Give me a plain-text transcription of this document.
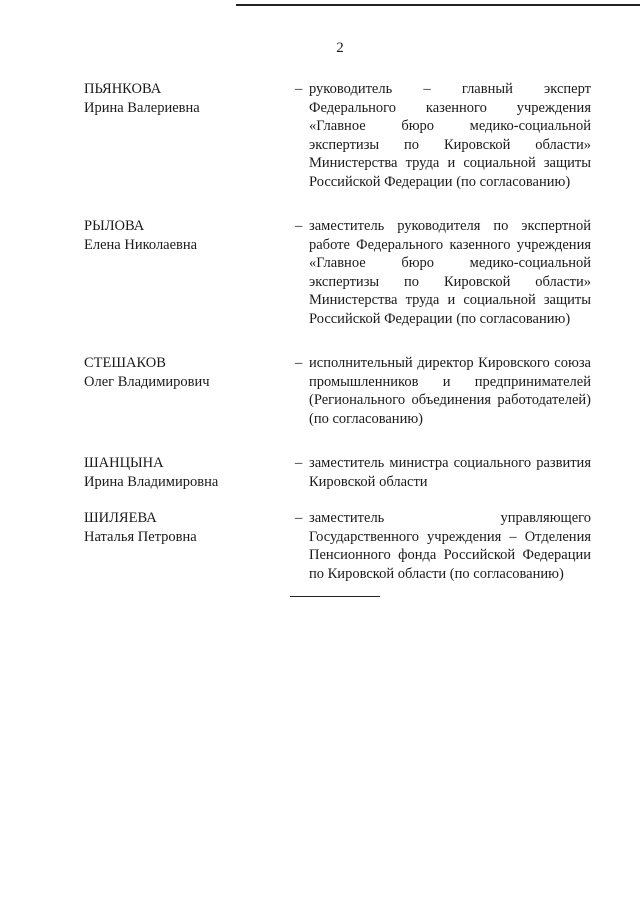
2
ПЬЯНКОВА
Ирина Валериевна
– руководитель – главный эксперт Федерального казенного учреждения «Главное бюро медико-социальной экспертизы по Кировской области» Министерства труда и социальной защиты Российской Федерации (по согласованию)
РЫЛОВА
Елена Николаевна
– заместитель руководителя по экспертной работе Федерального казенного учреждения «Главное бюро медико-социальной экспертизы по Кировской области» Министерства труда и социальной защиты Российской Федерации (по согласованию)
СТЕШАКОВ
Олег Владимирович
– исполнительный директор Кировского союза промышленников и предпринимателей (Регионального объединения работодателей) (по согласованию)
ШАНЦЫНА
Ирина Владимировна
– заместитель министра социального развития Кировской области
ШИЛЯЕВА
Наталья Петровна
– заместитель управляющего Государственного учреждения – Отделения Пенсионного фонда Российской Федерации по Кировской области (по согласованию)
